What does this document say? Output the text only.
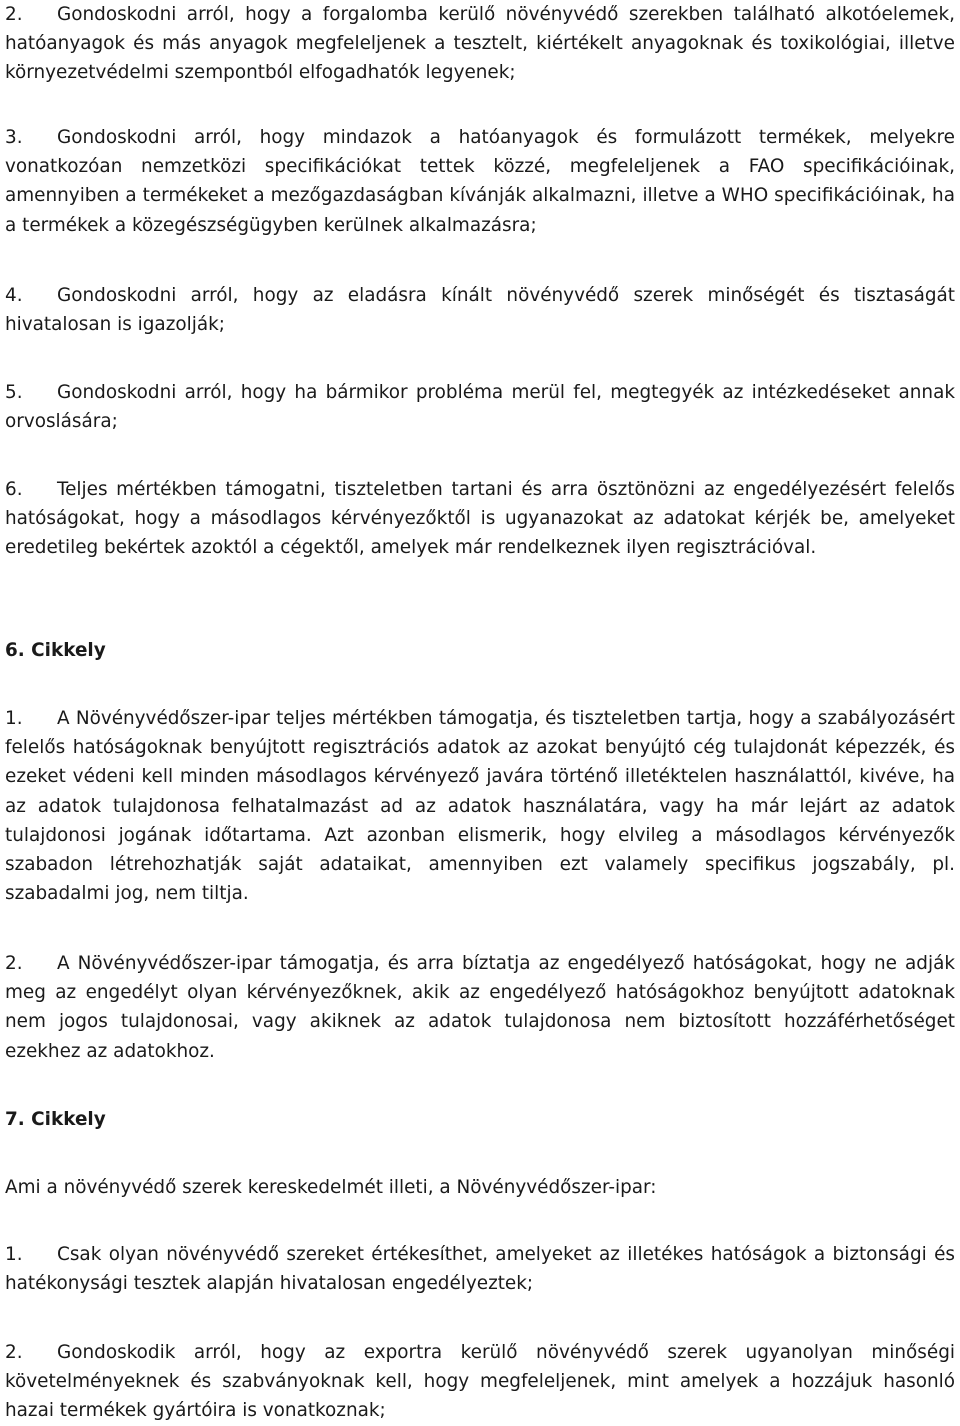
2. Gondoskodni arról, hogy a forgalomba kerülő növényvédő szerekben található alkotóelemek, hatóanyagok és más anyagok megfeleljenek a tesztelt, kiértékelt anyagoknak és toxikológiai, illetve környezetvédelmi szempontból elfogadhatók legyenek;

3. Gondoskodni arról, hogy mindazok a hatóanyagok és formulázott termékek, melyekre vonatkozóan nemzetközi specifikációkat tettek közzé, megfeleljenek a FAO specifikációinak, amennyiben a termékeket a mezőgazdaságban kívánják alkalmazni, illetve a WHO specifikációinak, ha a termékek a közegészségügyben kerülnek alkalmazásra;

4. Gondoskodni arról, hogy az eladásra kínált növényvédő szerek minőségét és tisztaságát hivatalosan is igazolják;

5. Gondoskodni arról, hogy ha bármikor probléma merül fel, megtegyék az intézkedéseket annak orvoslására;

6. Teljes mértékben támogatni, tiszteletben tartani és arra ösztönözni az engedélyezésért felelős hatóságokat, hogy a másodlagos kérvényezőktől is ugyanazokat az adatokat kérjék be, amelyeket eredetileg bekértek azoktól a cégektől, amelyek már rendelkeznek ilyen regisztrációval.

6. Cikkely

1. A Növényvédőszer-ipar teljes mértékben támogatja, és tiszteletben tartja, hogy a szabályozásért felelős hatóságoknak benyújtott regisztrációs adatok az azokat benyújtó cég tulajdonát képezzék, és ezeket védeni kell minden másodlagos kérvényező javára történő illetéktelen használattól, kivéve, ha az adatok tulajdonosa felhatalmazást ad az adatok használatára, vagy ha már lejárt az adatok tulajdonosi jogának időtartama. Azt azonban elismerik, hogy elvileg a másodlagos kérvényezők szabadon létrehozhatják saját adataikat, amennyiben ezt valamely specifikus jogszabály, pl. szabadalmi jog, nem tiltja.

2. A Növényvédőszer-ipar támogatja, és arra bíztatja az engedélyező hatóságokat, hogy ne adják meg az engedélyt olyan kérvényezőknek, akik az engedélyező hatóságokhoz benyújtott adatoknak nem jogos tulajdonosai, vagy akiknek az adatok tulajdonosa nem biztosított hozzáférhetőséget ezekhez az adatokhoz.

7. Cikkely

Ami a növényvédő szerek kereskedelmét illeti, a Növényvédőszer-ipar:

1. Csak olyan növényvédő szereket értékesíthet, amelyeket az illetékes hatóságok a biztonsági és hatékonysági tesztek alapján hivatalosan engedélyeztek;

2. Gondoskodik arról, hogy az exportra kerülő növényvédő szerek ugyanolyan minőségi követelményeknek és szabványoknak kell, hogy megfeleljenek, mint amelyek a hozzájuk hasonló hazai termékek gyártóira is vonatkoznak;
